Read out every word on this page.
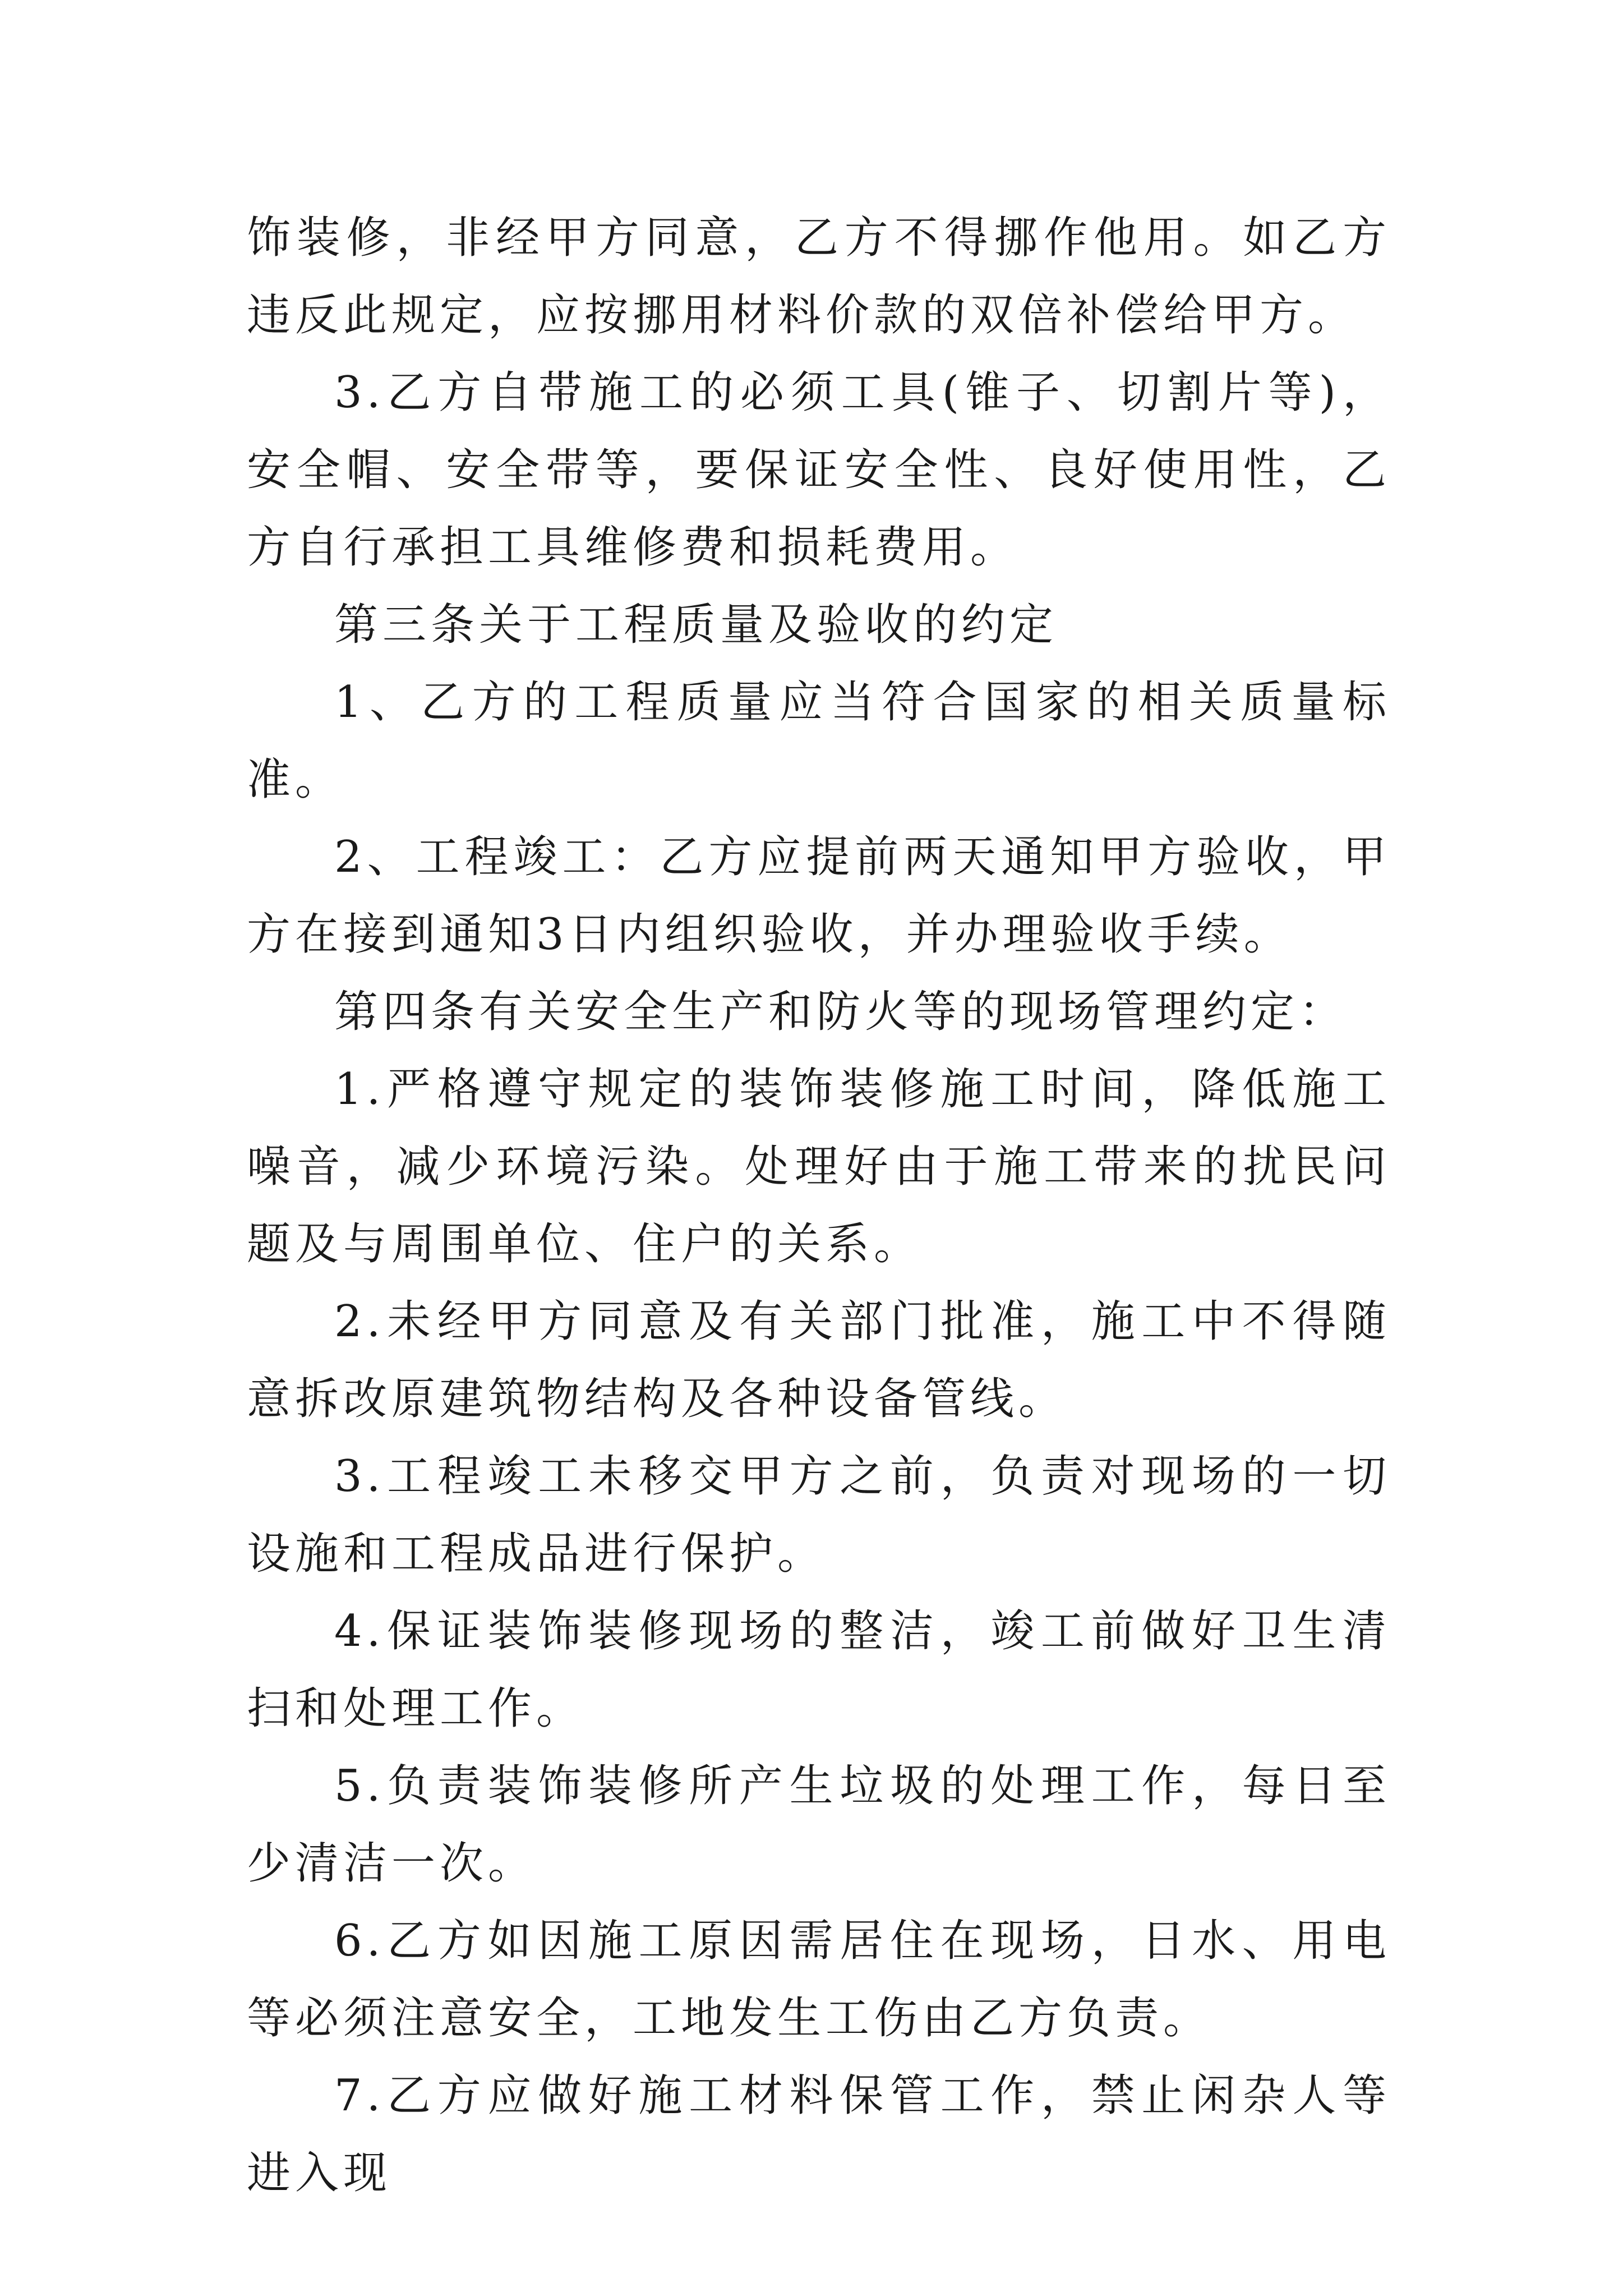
饰装修，非经甲方同意，乙方不得挪作他用。如乙方违反此规定，应按挪用材料价款的双倍补偿给甲方。

3.乙方自带施工的必须工具(锥子、切割片等)，安全帽、安全带等，要保证安全性、良好使用性，乙方自行承担工具维修费和损耗费用。

第三条关于工程质量及验收的约定

1、乙方的工程质量应当符合国家的相关质量标准。

2、工程竣工：乙方应提前两天通知甲方验收，甲方在接到通知3日内组织验收，并办理验收手续。

第四条有关安全生产和防火等的现场管理约定：

1.严格遵守规定的装饰装修施工时间，降低施工噪音，减少环境污染。处理好由于施工带来的扰民问题及与周围单位、住户的关系。

2.未经甲方同意及有关部门批准，施工中不得随意拆改原建筑物结构及各种设备管线。

3.工程竣工未移交甲方之前，负责对现场的一切设施和工程成品进行保护。

4.保证装饰装修现场的整洁，竣工前做好卫生清扫和处理工作。

5.负责装饰装修所产生垃圾的处理工作，每日至少清洁一次。

6.乙方如因施工原因需居住在现场，日水、用电等必须注意安全，工地发生工伤由乙方负责。

7.乙方应做好施工材料保管工作，禁止闲杂人等进入现
